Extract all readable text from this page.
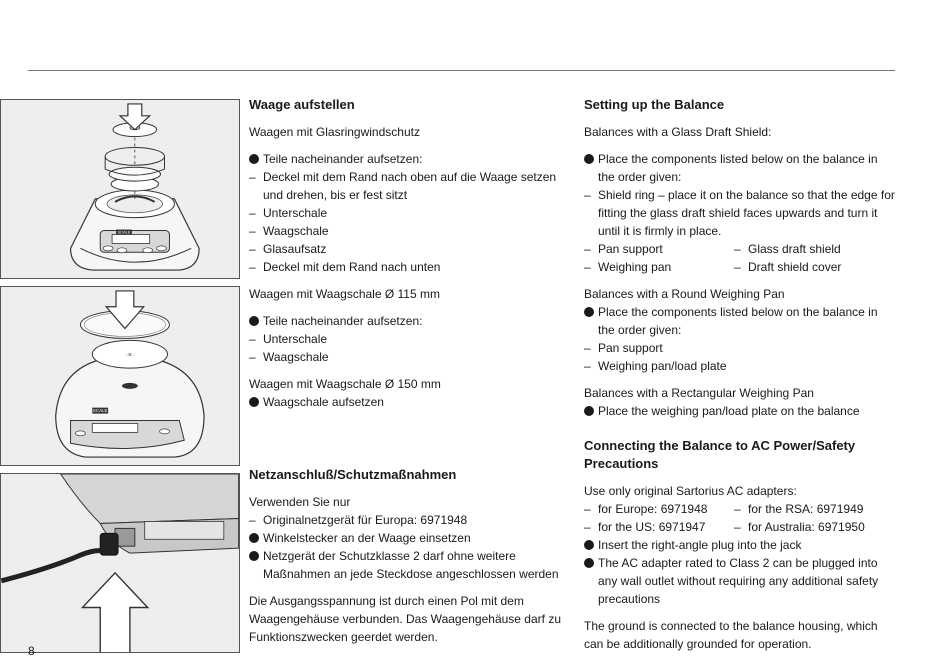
SCALE
SCALE
·×·

Waage aufstellen

Waagen mit Glasringwindschutz

Teile nacheinander aufsetzen:

– Deckel mit dem Rand nach oben auf die Waage setzen und drehen, bis er fest sitzt

– Unterschale

– Waagschale

– Glasaufsatz

– Deckel mit dem Rand nach unten

Waagen mit Waagschale Ø 115 mm

Teile nacheinander aufsetzen:

– Unterschale

– Waagschale

Waagen mit Waagschale Ø 150 mm

Waagschale aufsetzen

Netzanschluß/Schutzmaßnahmen

Verwenden Sie nur

– Originalnetzgerät für Europa: 6971948

Winkelstecker an der Waage einsetzen

Netzgerät der Schutzklasse 2 darf ohne weitere Maßnahmen an jede Steckdose angeschlossen werden

Die Ausgangsspannung ist durch einen Pol mit dem Waagengehäuse verbunden. Das Waagengehäuse darf zu Funktionszwecken geerdet werden.

Setting up the Balance

Balances with a Glass Draft Shield:

Place the components listed below on the balance in the order given:

– Shield ring – place it on the balance so that the edge for fitting the glass draft shield faces upwards and turn it until it is firmly in place.

– Pan support	– Glass draft shield

– Weighing pan	– Draft shield cover

Balances with a Round Weighing Pan

Place the components listed below on the balance in the order given:

– Pan support

– Weighing pan/load plate

Balances with a Rectangular Weighing Pan

Place the weighing pan/load plate on the balance

Connecting the Balance to AC Power/Safety Precautions

Use only original Sartorius AC adapters:

– for Europe: 6971948	– for the RSA: 6971949

– for the US: 6971947	– for Australia: 6971950

Insert the right-angle plug into the jack

The AC adapter rated to Class 2 can be plugged into any wall outlet without requiring any additional safety precautions

The ground is connected to the balance housing, which can be additionally grounded for operation.

8
